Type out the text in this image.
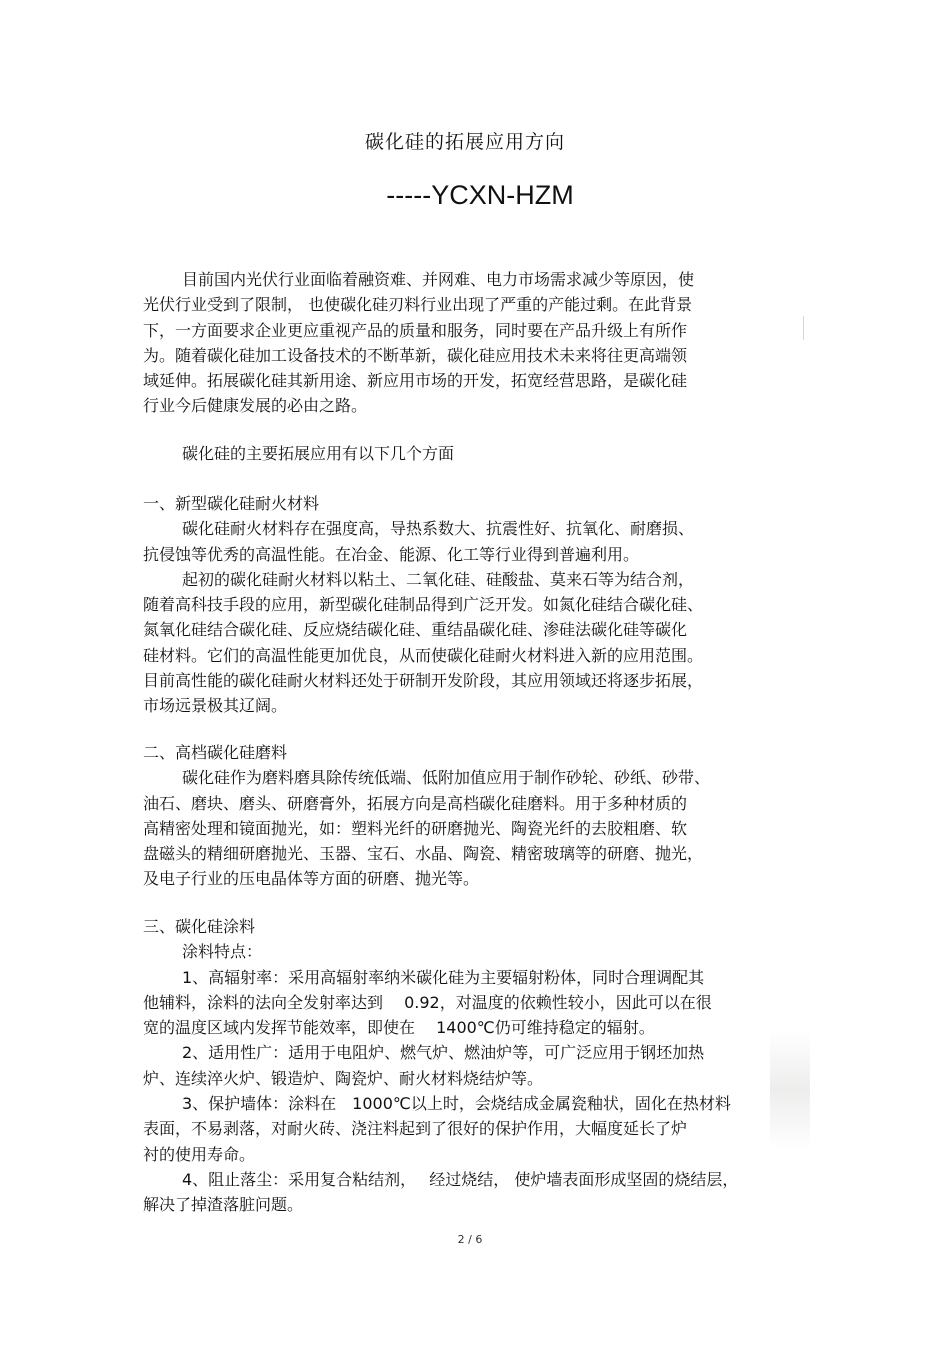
碳化硅的拓展应用方向
-----YCXN-HZM
目前国内光伏行业面临着融资难、并网难、电力市场需求减少等原因，使
光伏行业受到了限制， 也使碳化硅刃料行业出现了严重的产能过剩。在此背景
下，一方面要求企业更应重视产品的质量和服务，同时要在产品升级上有所作
为。随着碳化硅加工设备技术的不断革新，碳化硅应用技术未来将往更高端领
域延伸。拓展碳化硅其新用途、新应用市场的开发，拓宽经营思路，是碳化硅
行业今后健康发展的必由之路。
碳化硅的主要拓展应用有以下几个方面
一、新型碳化硅耐火材料
碳化硅耐火材料存在强度高，导热系数大、抗震性好、抗氧化、耐磨损、
抗侵蚀等优秀的高温性能。在冶金、能源、化工等行业得到普遍利用。
起初的碳化硅耐火材料以粘土、二氧化硅、硅酸盐、莫来石等为结合剂，
随着高科技手段的应用，新型碳化硅制品得到广泛开发。如氮化硅结合碳化硅、
氮氧化硅结合碳化硅、反应烧结碳化硅、重结晶碳化硅、渗硅法碳化硅等碳化
硅材料。它们的高温性能更加优良，从而使碳化硅耐火材料进入新的应用范围。
目前高性能的碳化硅耐火材料还处于研制开发阶段，其应用领域还将逐步拓展，
市场远景极其辽阔。
二、高档碳化硅磨料
碳化硅作为磨料磨具除传统低端、低附加值应用于制作砂轮、砂纸、砂带、
油石、磨块、磨头、研磨膏外，拓展方向是高档碳化硅磨料。用于多种材质的
高精密处理和镜面抛光，如：塑料光纤的研磨抛光、陶瓷光纤的去胶粗磨、软
盘磁头的精细研磨抛光、玉器、宝石、水晶、陶瓷、精密玻璃等的研磨、抛光，
及电子行业的压电晶体等方面的研磨、抛光等。
三、碳化硅涂料
涂料特点：
1、高辐射率：采用高辐射率纳米碳化硅为主要辐射粉体，同时合理调配其
他辅料，涂料的法向全发射率达到　 0.92，对温度的依赖性较小，因此可以在很
宽的温度区域内发挥节能效率，即使在　 1400℃仍可维持稳定的辐射。
2、适用性广：适用于电阻炉、燃气炉、燃油炉等，可广泛应用于钢坯加热
炉、连续淬火炉、锻造炉、陶瓷炉、耐火材料烧结炉等。
3、保护墙体：涂料在　1000℃以上时，会烧结成金属瓷釉状，固化在热材料
表面，不易剥落，对耐火砖、浇注料起到了很好的保护作用，大幅度延长了炉
衬的使用寿命。
4、阻止落尘：采用复合粘结剂，　 经过烧结， 使炉墙表面形成坚固的烧结层，
解决了掉渣落脏问题。
2 / 6
